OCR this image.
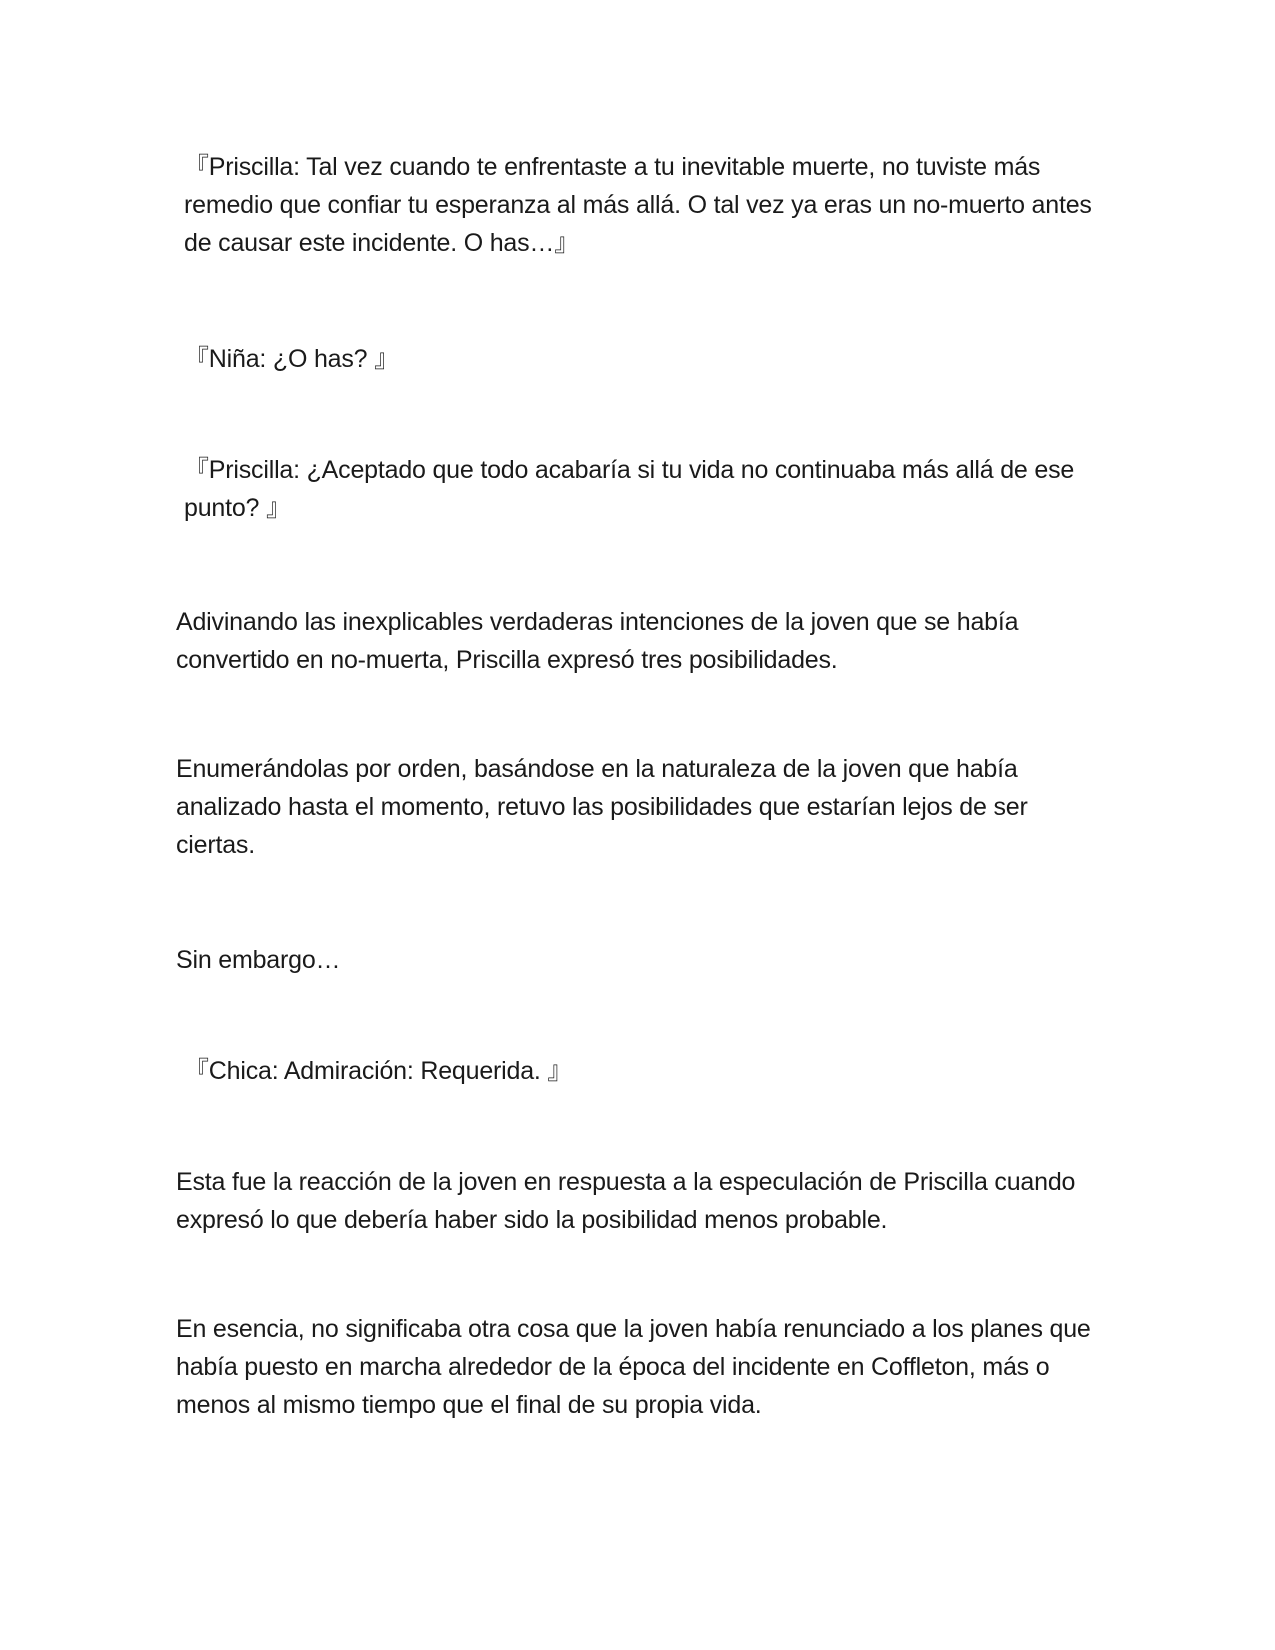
『Priscilla: Tal vez cuando te enfrentaste a tu inevitable muerte, no tuviste más remedio que confiar tu esperanza al más allá. O tal vez ya eras un no-muerto antes de causar este incidente. O has…』

『Niña: ¿O has? 』

『Priscilla: ¿Aceptado que todo acabaría si tu vida no continuaba más allá de ese punto? 』

Adivinando las inexplicables verdaderas intenciones de la joven que se había convertido en no-muerta, Priscilla expresó tres posibilidades.

Enumerándolas por orden, basándose en la naturaleza de la joven que había analizado hasta el momento, retuvo las posibilidades que estarían lejos de ser ciertas.

Sin embargo…

『Chica: Admiración: Requerida. 』

Esta fue la reacción de la joven en respuesta a la especulación de Priscilla cuando expresó lo que debería haber sido la posibilidad menos probable.

En esencia, no significaba otra cosa que la joven había renunciado a los planes que había puesto en marcha alrededor de la época del incidente en Coffleton, más o menos al mismo tiempo que el final de su propia vida.
